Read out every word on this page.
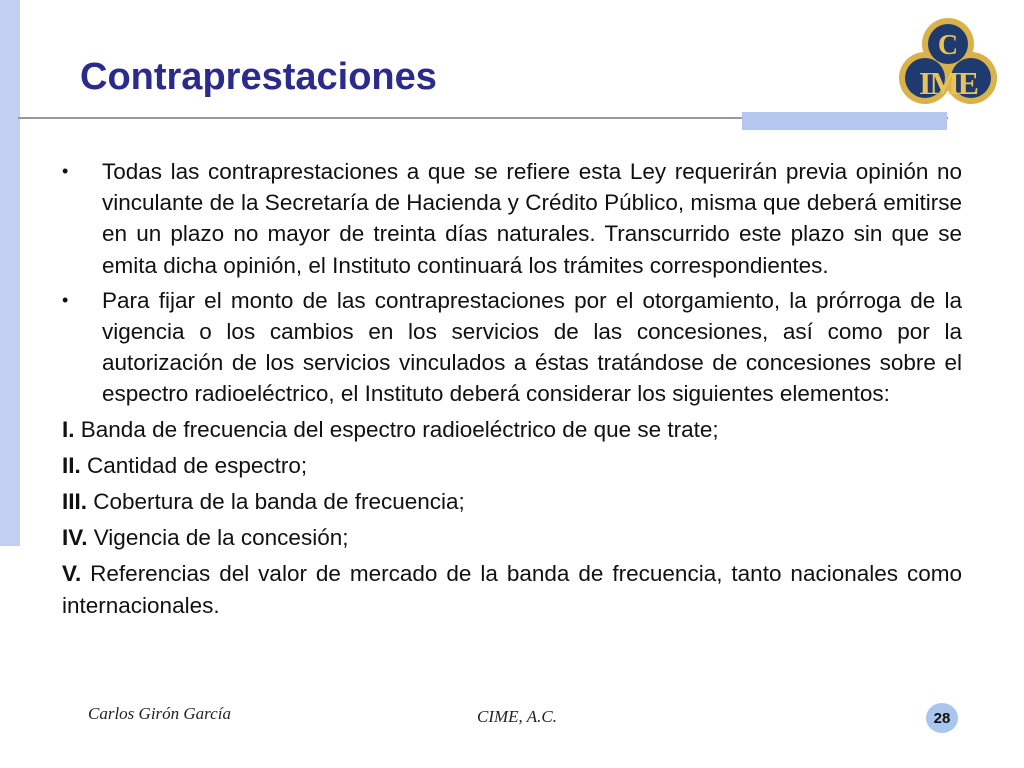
Contraprestaciones
C
IME
• Todas las contraprestaciones a que se refiere esta Ley requerirán previa opinión no vinculante de la Secretaría de Hacienda y Crédito Público, misma que deberá emitirse en un plazo no mayor de treinta días naturales. Transcurrido este plazo sin que se emita dicha opinión, el Instituto continuará los trámites correspondientes.
• Para fijar el monto de las contraprestaciones por el otorgamiento, la prórroga de la vigencia o los cambios en los servicios de las concesiones, así como por la autorización de los servicios vinculados a éstas tratándose de concesiones sobre el espectro radioeléctrico, el Instituto deberá considerar los siguientes elementos:
I. Banda de frecuencia del espectro radioeléctrico de que se trate;
II. Cantidad de espectro;
III. Cobertura de la banda de frecuencia;
IV. Vigencia de la concesión;
V. Referencias del valor de mercado de la banda de frecuencia, tanto nacionales como internacionales.
Carlos Girón García	CIME, A.C.	28
